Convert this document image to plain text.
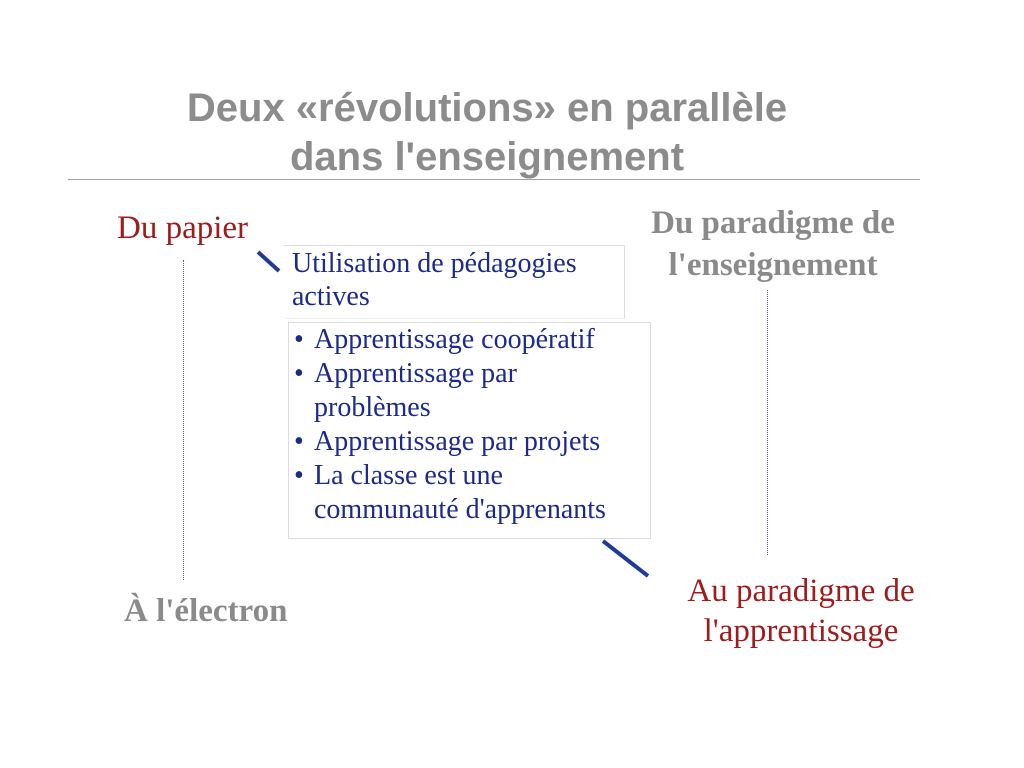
Deux «révolutions» en parallèle
dans l'enseignement
Du papier
À l'électron
Du paradigme de
l'enseignement
Au paradigme de
l'apprentissage
Utilisation de pédagogies
actives
• Apprentissage coopératif
• Apprentissage par
problèmes
• Apprentissage par projets
• La classe est une
communauté d'apprenants
